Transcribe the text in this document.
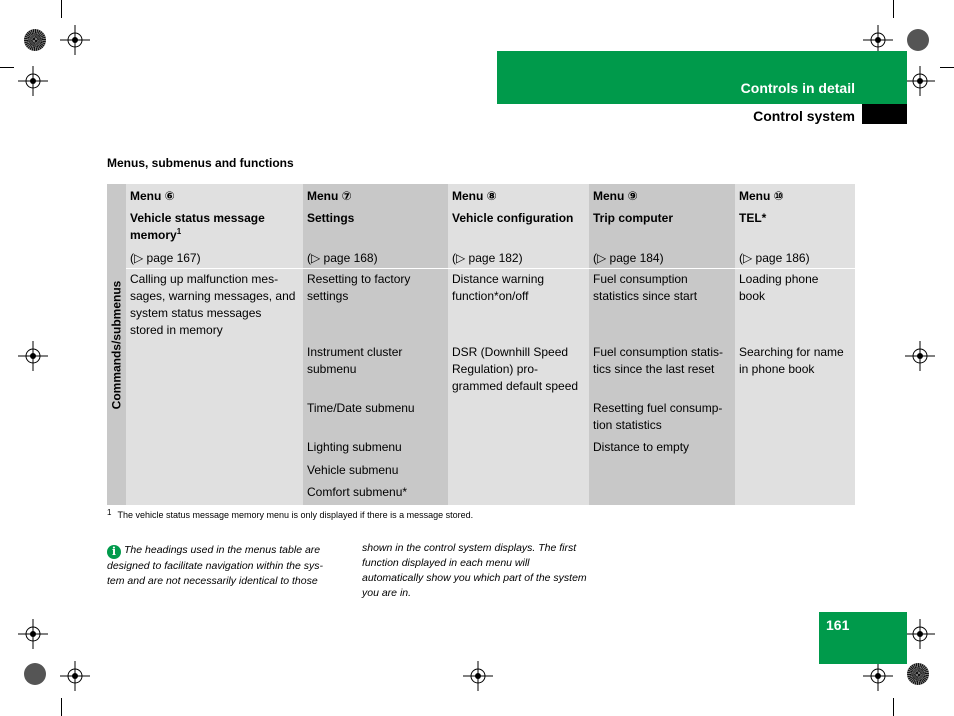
Controls in detail
Control system
Menus, submenus and functions
Commands/submenus
Menu ⑥
Vehicle status message memory$^1$
(▷ page 167)
Calling up malfunction mes-
sages, warning messages, and
system status messages
stored in memory
Menu ⑦
Settings
(▷ page 168)
Resetting to factory settings
Instrument cluster submenu
Time/Date submenu
Lighting submenu
Vehicle submenu
Comfort submenu*
Menu ⑧
Vehicle configuration
(▷ page 182)
Distance warning function*on/off
DSR (Downhill Speed Regulation) pro- grammed default speed
Menu ⑨
Trip computer
(▷ page 184)
Fuel consumption statistics since start
Fuel consumption statis- tics since the last reset
Resetting fuel consump- tion statistics
Distance to empty
Menu ⑩
TEL*
(▷ page 186)
Loading phone book
Searching for name in phone book
1 The vehicle status message memory menu is only displayed if there is a message stored.
i The headings used in the menus table are
designed to facilitate navigation within the sys-
tem and are not necessarily identical to those
shown in the control system displays. The first
function displayed in each menu will
automatically show you which part of the system
you are in.
161
